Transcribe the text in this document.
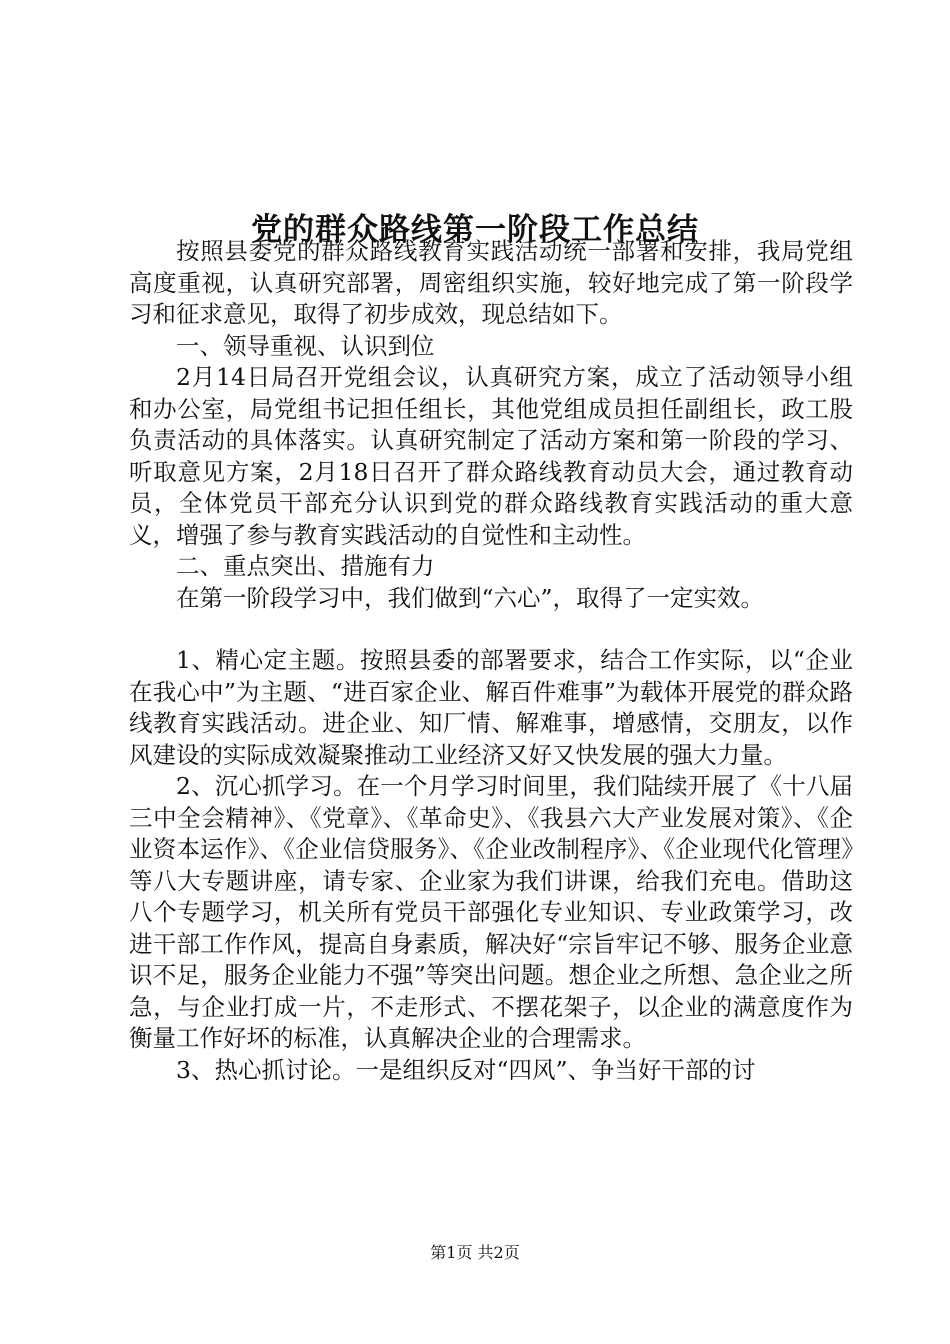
党的群众路线第一阶段工作总结

按照县委党的群众路线教育实践活动统一部署和安排，我局党组高度重视，认真研究部署，周密组织实施，较好地完成了第一阶段学习和征求意见，取得了初步成效，现总结如下。

一、领导重视、认识到位

2月14日局召开党组会议，认真研究方案，成立了活动领导小组和办公室，局党组书记担任组长，其他党组成员担任副组长，政工股负责活动的具体落实。认真研究制定了活动方案和第一阶段的学习、听取意见方案，2月18日召开了群众路线教育动员大会，通过教育动员，全体党员干部充分认识到党的群众路线教育实践活动的重大意义，增强了参与教育实践活动的自觉性和主动性。

二、重点突出、措施有力

在第一阶段学习中，我们做到“六心”，取得了一定实效。

1、精心定主题。按照县委的部署要求，结合工作实际，以“企业在我心中”为主题、“进百家企业、解百件难事”为载体开展党的群众路线教育实践活动。进企业、知厂情、解难事，增感情，交朋友，以作风建设的实际成效凝聚推动工业经济又好又快发展的强大力量。

2、沉心抓学习。在一个月学习时间里，我们陆续开展了《十八届三中全会精神》、《党章》、《革命史》、《我县六大产业发展对策》、《企业资本运作》、《企业信贷服务》、《企业改制程序》、《企业现代化管理》等八大专题讲座，请专家、企业家为我们讲课，给我们充电。借助这八个专题学习，机关所有党员干部强化专业知识、专业政策学习，改进干部工作作风，提高自身素质，解决好“宗旨牢记不够、服务企业意识不足，服务企业能力不强”等突出问题。想企业之所想、急企业之所急，与企业打成一片，不走形式、不摆花架子，以企业的满意度作为衡量工作好坏的标准，认真解决企业的合理需求。

3、热心抓讨论。一是组织反对“四风”、争当好干部的讨

第1页 共2页
